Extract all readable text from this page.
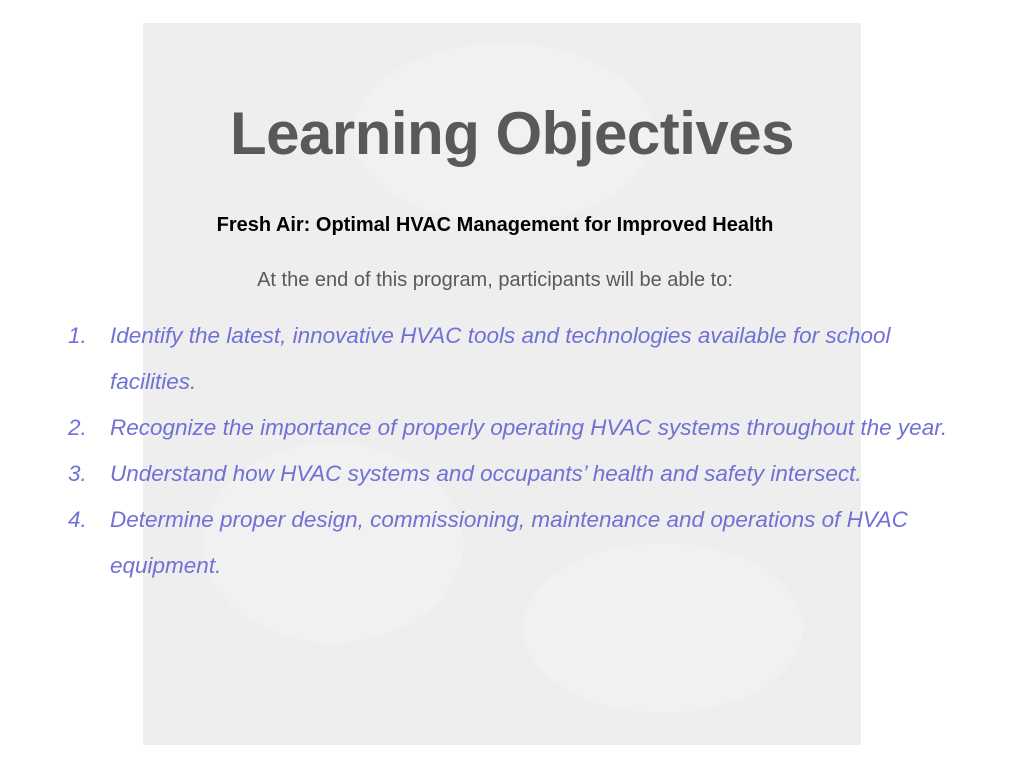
Learning Objectives

Fresh Air: Optimal HVAC Management for Improved Health

At the end of this program, participants will be able to:

1.	Identify the latest, innovative HVAC tools and technologies available for school facilities.
2.	Recognize the importance of properly operating HVAC systems throughout the year.
3.	Understand how HVAC systems and occupants’ health and safety intersect.
4.	Determine proper design, commissioning, maintenance and operations of HVAC equipment.
